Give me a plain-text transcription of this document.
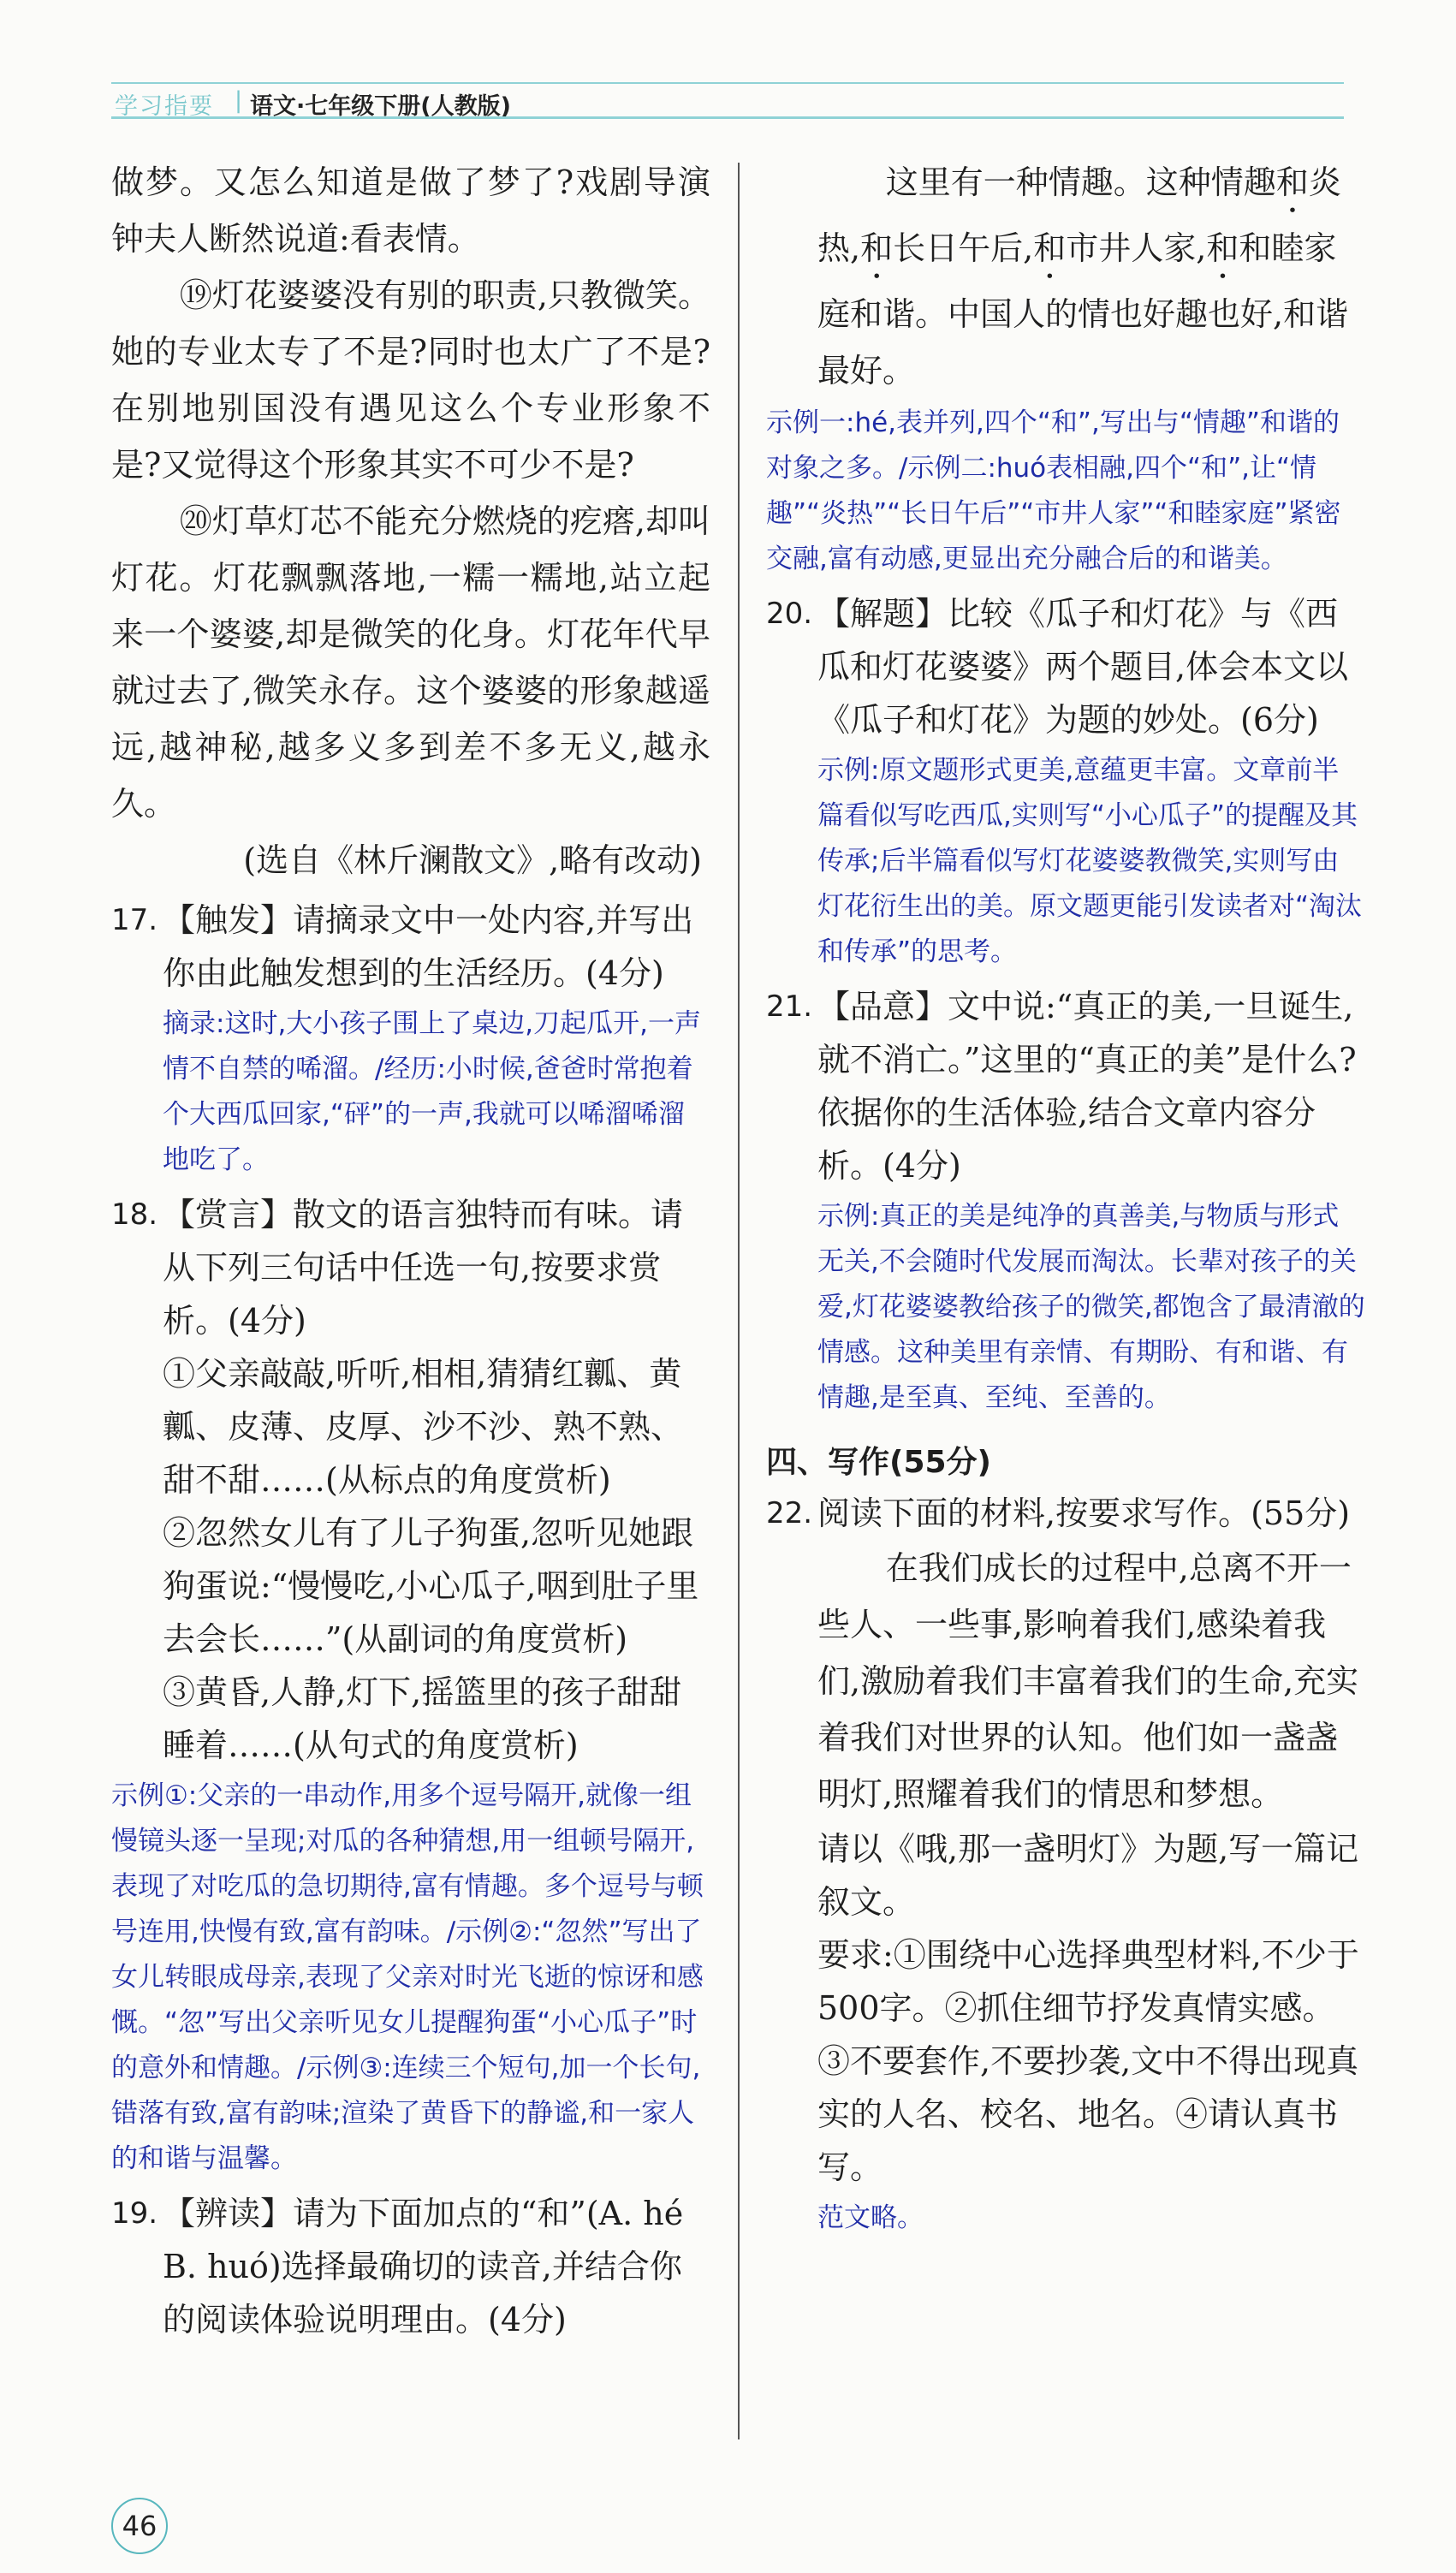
学习指要 | 语文·七年级下册(人教版)

做梦。又怎么知道是做了梦了?戏剧导演钟夫人断然说道:看表情。

⑲灯花婆婆没有别的职责,只教微笑。她的专业太专了不是?同时也太广了不是?在别地别国没有遇见这么个专业形象不是?又觉得这个形象其实不可少不是?

⑳灯草灯芯不能充分燃烧的疙瘩,却叫灯花。灯花飘飘落地,一糯一糯地,站立起来一个婆婆,却是微笑的化身。灯花年代早就过去了,微笑永存。这个婆婆的形象越遥远,越神秘,越多义多到差不多无义,越永久。

(选自《林斤澜散文》,略有改动)

17. 【触发】请摘录文中一处内容,并写出你由此触发想到的生活经历。(4分)
摘录:这时,大小孩子围上了桌边,刀起瓜开,一声情不自禁的唏溜。/经历:小时候,爸爸时常抱着个大西瓜回家,“砰”的一声,我就可以唏溜唏溜地吃了。
18. 【赏言】散文的语言独特而有味。请从下列三句话中任选一句,按要求赏析。(4分)

①父亲敲敲,听听,相相,猜猜红瓤、黄瓤、皮薄、皮厚、沙不沙、熟不熟、甜不甜……(从标点的角度赏析)

②忽然女儿有了儿子狗蛋,忽听见她跟狗蛋说:“慢慢吃,小心瓜子,咽到肚子里去会长……”(从副词的角度赏析)

③黄昏,人静,灯下,摇篮里的孩子甜甜睡着……(从句式的角度赏析)

示例①:父亲的一串动作,用多个逗号隔开,就像一组慢镜头逐一呈现;对瓜的各种猜想,用一组顿号隔开,表现了对吃瓜的急切期待,富有情趣。多个逗号与顿号连用,快慢有致,富有韵味。/示例②:“忽然”写出了女儿转眼成母亲,表现了父亲对时光飞逝的惊讶和感慨。“忽”写出父亲听见女儿提醒狗蛋“小心瓜子”时的意外和情趣。/示例③:连续三个短句,加一个长句,错落有致,富有韵味;渲染了黄昏下的静谧,和一家人的和谐与温馨。
19. 【辨读】请为下面加点的“和”(A. hé B. huó)选择最确切的读音,并结合你的阅读体验说明理由。(4分)

这里有一种情趣。这种情趣和炎热,和长日午后,和市井人家,和和睦家庭和谐。中国人的情也好趣也好,和谐最好。

示例一:hé,表并列,四个“和”,写出与“情趣”和谐的对象之多。/示例二:huó表相融,四个“和”,让“情趣”“炎热”“长日午后”“市井人家”“和睦家庭”紧密交融,富有动感,更显出充分融合后的和谐美。
20. 【解题】比较《瓜子和灯花》与《西瓜和灯花婆婆》两个题目,体会本文以《瓜子和灯花》为题的妙处。(6分)
示例:原文题形式更美,意蕴更丰富。文章前半篇看似写吃西瓜,实则写“小心瓜子”的提醒及其传承;后半篇看似写灯花婆婆教微笑,实则写由灯花衍生出的美。原文题更能引发读者对“淘汰和传承”的思考。
21. 【品意】文中说:“真正的美,一旦诞生,就不消亡。”这里的“真正的美”是什么?依据你的生活体验,结合文章内容分析。(4分)
示例:真正的美是纯净的真善美,与物质与形式无关,不会随时代发展而淘汰。长辈对孩子的关爱,灯花婆婆教给孩子的微笑,都饱含了最清澈的情感。这种美里有亲情、有期盼、有和谐、有情趣,是至真、至纯、至善的。
四、写作(55分)
22. 阅读下面的材料,按要求写作。(55分)

在我们成长的过程中,总离不开一些人、一些事,影响着我们,感染着我们,激励着我们丰富着我们的生命,充实着我们对世界的认知。他们如一盏盏明灯,照耀着我们的情思和梦想。

请以《哦,那一盏明灯》为题,写一篇记叙文。

要求:①围绕中心选择典型材料,不少于500字。②抓住细节抒发真情实感。③不要套作,不要抄袭,文中不得出现真实的人名、校名、地名。④请认真书写。

范文略。
46
